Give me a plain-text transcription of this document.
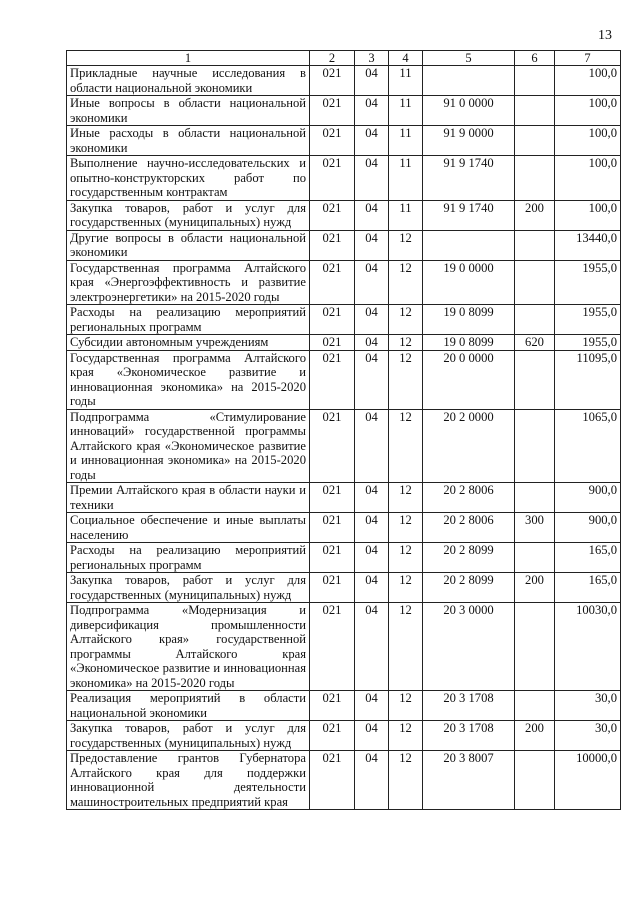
13
1	2	3	4	5	6	7
Прикладные научные исследования в области национальной экономики	021	04	11			100,0
Иные вопросы в области национальной экономики	021	04	11	91 0 0000		100,0
Иные расходы в области национальной экономики	021	04	11	91 9 0000		100,0
Выполнение научно-исследовательских и опытно-конструкторских работ по государственным контрактам	021	04	11	91 9 1740		100,0
Закупка товаров, работ и услуг для государственных (муниципальных) нужд	021	04	11	91 9 1740	200	100,0
Другие вопросы в области национальной экономики	021	04	12			13440,0
Государственная программа Алтайского края «Энергоэффективность и развитие электроэнергетики» на 2015-2020 годы	021	04	12	19 0 0000		1955,0
Расходы на реализацию мероприятий региональных программ	021	04	12	19 0 8099		1955,0
Субсидии автономным учреждениям	021	04	12	19 0 8099	620	1955,0
Государственная программа Алтайского края «Экономическое развитие и инновационная экономика» на 2015-2020 годы	021	04	12	20 0 0000		11095,0
Подпрограмма «Стимулирование инноваций» государственной программы Алтайского края «Экономическое развитие и инновационная экономика» на 2015-2020 годы	021	04	12	20 2 0000		1065,0
Премии Алтайского края в области науки и техники	021	04	12	20 2 8006		900,0
Социальное обеспечение и иные выплаты населению	021	04	12	20 2 8006	300	900,0
Расходы на реализацию мероприятий региональных программ	021	04	12	20 2 8099		165,0
Закупка товаров, работ и услуг для государственных (муниципальных) нужд	021	04	12	20 2 8099	200	165,0
Подпрограмма «Модернизация и диверсификация промышленности Алтайского края» государственной программы Алтайского края «Экономическое развитие и инновационная экономика» на 2015-2020 годы	021	04	12	20 3 0000		10030,0
Реализация мероприятий в области национальной экономики	021	04	12	20 3 1708		30,0
Закупка товаров, работ и услуг для государственных (муниципальных) нужд	021	04	12	20 3 1708	200	30,0
Предоставление грантов Губернатора Алтайского края для поддержки инновационной деятельности машиностроительных предприятий края	021	04	12	20 3 8007		10000,0
